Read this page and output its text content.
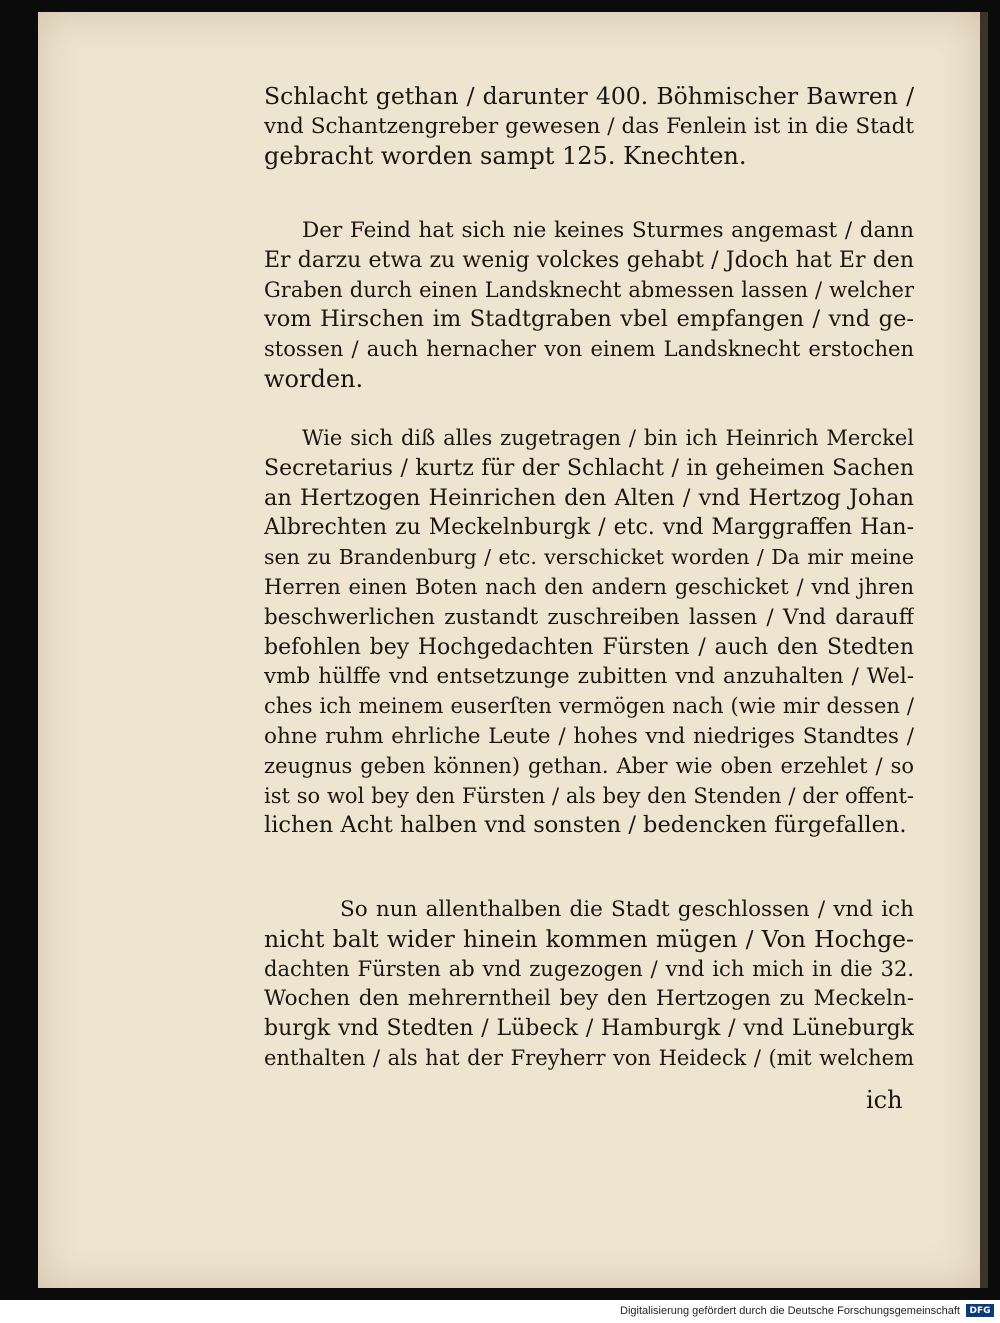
Schlacht gethan / darunter 400. Böhmischer Bawren /
vnd Schantzengreber gewesen / das Fenlein ist in die Stadt
gebracht worden sampt 125. Knechten.
Der Feind hat sich nie keines Sturmes angemast / dann
Er darzu etwa zu wenig volckes gehabt / Jdoch hat Er den
Graben durch einen Landsknecht abmessen lassen / welcher
vom Hirschen im Stadtgraben vbel empfangen / vnd ge-
stossen / auch hernacher von einem Landsknecht erstochen
worden.
Wie sich diß alles zugetragen / bin ich Heinrich Merckel
Secretarius / kurtz für der Schlacht / in geheimen Sachen
an Hertzogen Heinrichen den Alten / vnd Hertzog Johan
Albrechten zu Meckelnburgk / etc. vnd Marggraffen Han-
sen zu Brandenburg / etc. verschicket worden / Da mir meine
Herren einen Boten nach den andern geschicket / vnd jhren
beschwerlichen zustandt zuschreiben lassen / Vnd darauff
befohlen bey Hochgedachten Fürsten / auch den Stedten
vmb hülffe vnd entsetzunge zubitten vnd anzuhalten / Wel-
ches ich meinem euserſten vermögen nach (wie mir dessen /
ohne ruhm ehrliche Leute / hohes vnd niedriges Standtes /
zeugnus geben können) gethan. Aber wie oben erzehlet / so
ist so wol bey den Fürsten / als bey den Stenden / der offent-
lichen Acht halben vnd sonsten / bedencken fürgefallen.
So nun allenthalben die Stadt geschlossen / vnd ich
nicht balt wider hinein kommen mügen / Von Hochge-
dachten Fürsten ab vnd zugezogen / vnd ich mich in die 32.
Wochen den mehrerntheil bey den Hertzogen zu Meckeln-
burgk vnd Stedten / Lübeck / Hamburgk / vnd Lüneburgk
enthalten / als hat der Freyherr von Heideck / (mit welchem
ich
Digitalisierung gefördert durch die Deutsche Forschungsgemeinschaft	DFG
